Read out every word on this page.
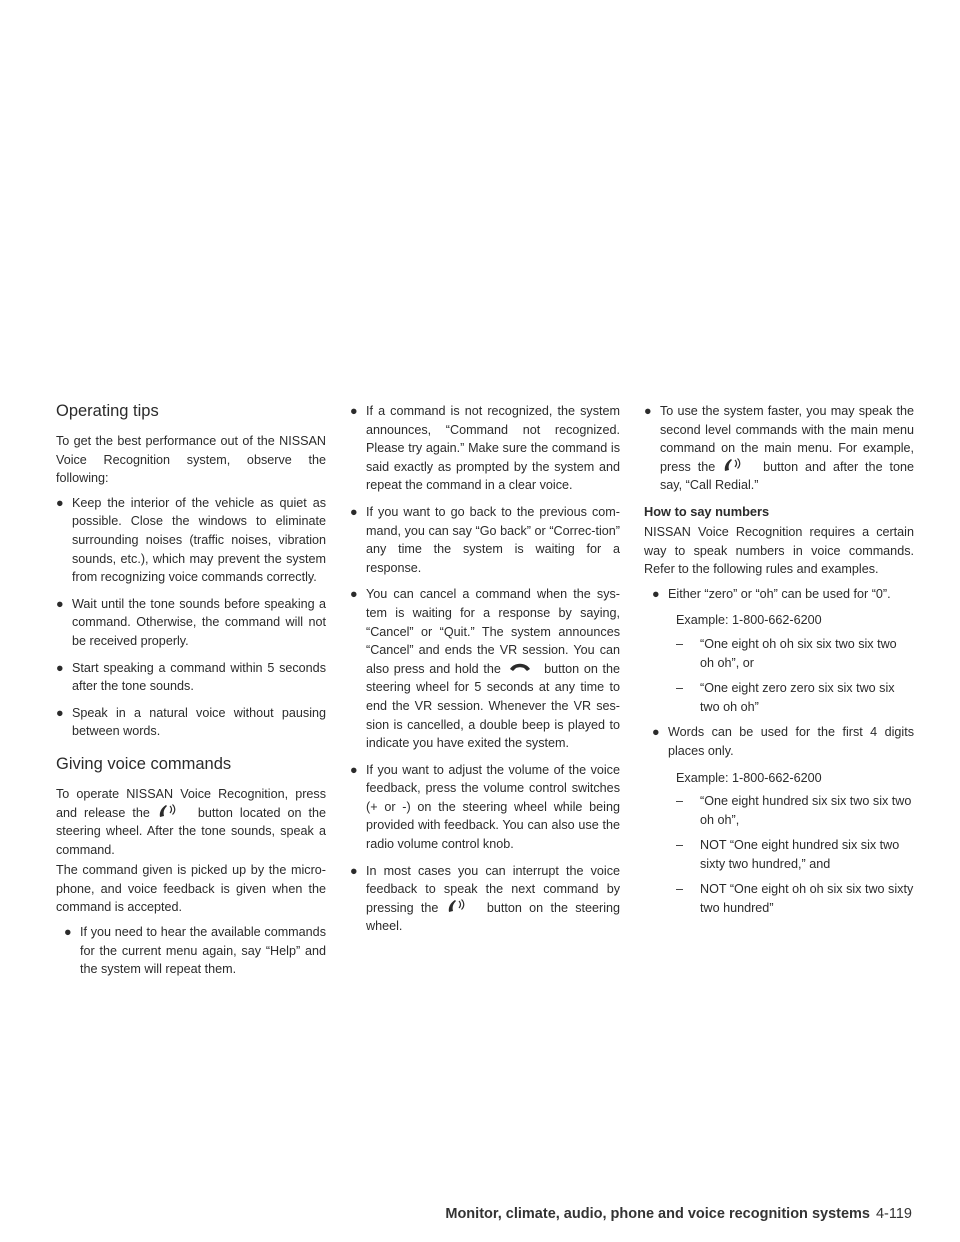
Operating tips

To get the best performance out of the NISSAN Voice Recognition system, observe the following:

● Keep the interior of the vehicle as quiet as possible. Close the windows to eliminate surrounding noises (traffic noises, vibration sounds, etc.), which may prevent the system from recognizing voice commands correctly.
● Wait until the tone sounds before speaking a command. Otherwise, the command will not be received properly.
● Start speaking a command within 5 seconds after the tone sounds.
● Speak in a natural voice without pausing between words.
Giving voice commands

To operate NISSAN Voice Recognition, press and release the	button located on the steering wheel. After the tone sounds, speak a command.

The command given is picked up by the micro-phone, and voice feedback is given when the command is accepted.

● If you need to hear the available commands for the current menu again, say “Help” and the system will repeat them.
● If a command is not recognized, the system announces, “Command not recognized. Please try again.” Make sure the command is said exactly as prompted by the system and repeat the command in a clear voice.
● If you want to go back to the previous com-mand, you can say “Go back” or “Correc-tion” any time the system is waiting for a response.
● You can cancel a command when the sys-tem is waiting for a response by saying, “Cancel” or “Quit.” The system announces “Cancel” and ends the VR session. You can also press and hold the	button on the steering wheel for 5 seconds at any time to end the VR session. Whenever the VR ses-sion is cancelled, a double beep is played to indicate you have exited the system.
● If you want to adjust the volume of the voice feedback, press the volume control switches (+ or -) on the steering wheel while being provided with feedback. You can also use the radio volume control knob.
● In most cases you can interrupt the voice feedback to speak the next command by pressing the	button on the steering wheel.
● To use the system faster, you may speak the second level commands with the main menu command on the main menu. For example, press the	button and after the tone say, “Call Redial.”
How to say numbers

NISSAN Voice Recognition requires a certain way to speak numbers in voice commands. Refer to the following rules and examples.

● Either “zero” or “oh” can be used for “0”.
Example: 1-800-662-6200
– “One eight oh oh six six two six two oh oh”, or
– “One eight zero zero six six two six two oh oh”
● Words can be used for the first 4 digits places only.
Example: 1-800-662-6200
– “One eight hundred six six two six two oh oh”,
– NOT “One eight hundred six six two sixty two hundred,” and
– NOT “One eight oh oh six six two sixty two hundred”
Monitor, climate, audio, phone and voice recognition systems 4-119
